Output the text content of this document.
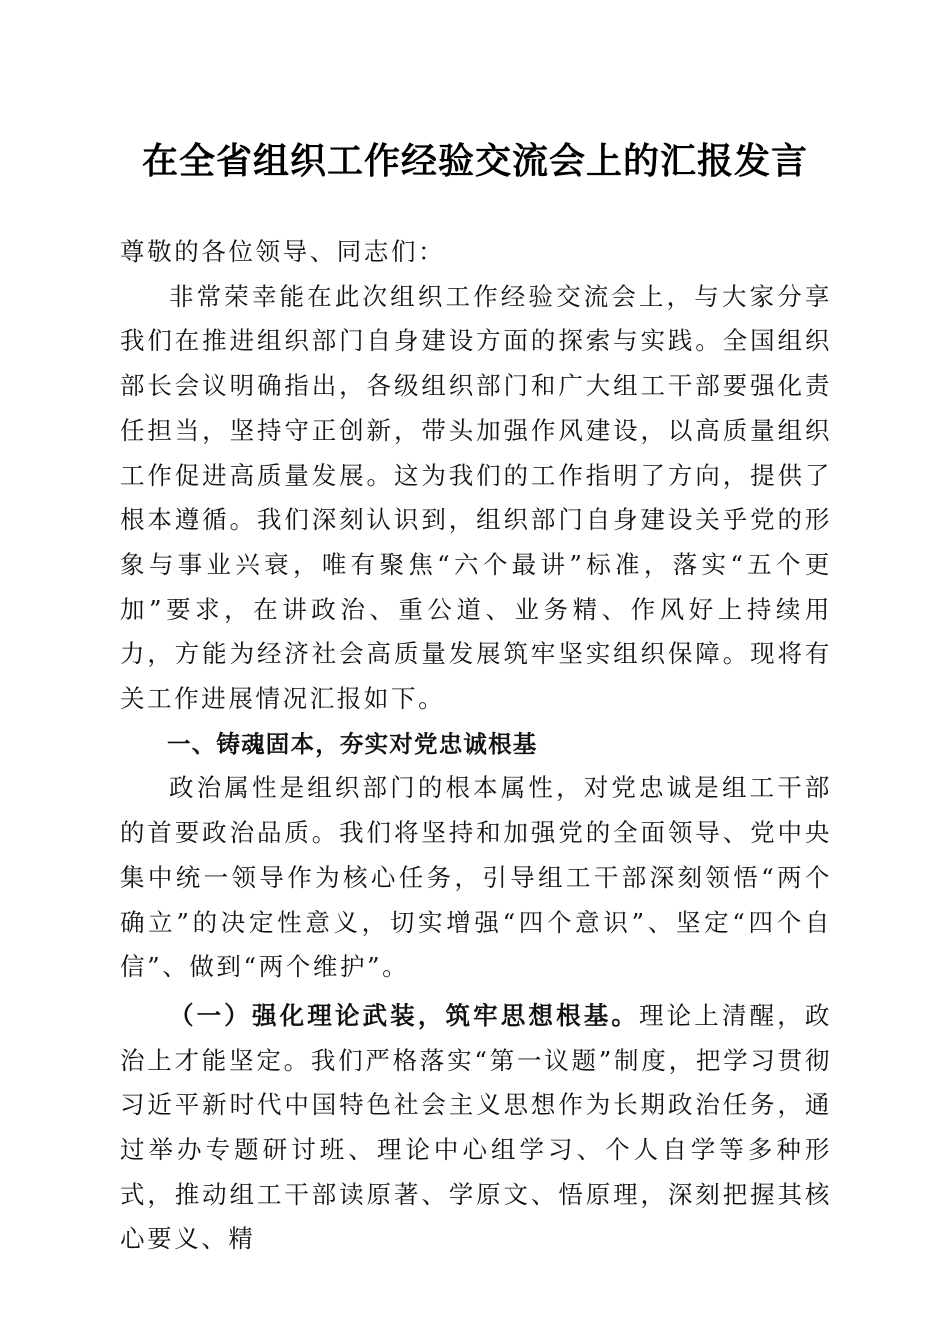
在全省组织工作经验交流会上的汇报发言

尊敬的各位领导、同志们：

非常荣幸能在此次组织工作经验交流会上，与大家分享我们在推进组织部门自身建设方面的探索与实践。全国组织部长会议明确指出，各级组织部门和广大组工干部要强化责任担当，坚持守正创新，带头加强作风建设，以高质量组织工作促进高质量发展。这为我们的工作指明了方向，提供了根本遵循。我们深刻认识到，组织部门自身建设关乎党的形象与事业兴衰，唯有聚焦“六个最讲”标准，落实“五个更加”要求，在讲政治、重公道、业务精、作风好上持续用力，方能为经济社会高质量发展筑牢坚实组织保障。现将有关工作进展情况汇报如下。

一、铸魂固本，夯实对党忠诚根基

政治属性是组织部门的根本属性，对党忠诚是组工干部的首要政治品质。我们将坚持和加强党的全面领导、党中央集中统一领导作为核心任务，引导组工干部深刻领悟“两个确立”的决定性意义，切实增强“四个意识”、坚定“四个自信”、做到“两个维护”。

（一）强化理论武装，筑牢思想根基。理论上清醒，政治上才能坚定。我们严格落实“第一议题”制度，把学习贯彻习近平新时代中国特色社会主义思想作为长期政治任务，通过举办专题研讨班、理论中心组学习、个人自学等多种形式，推动组工干部读原著、学原文、悟原理，深刻把握其核心要义、精
